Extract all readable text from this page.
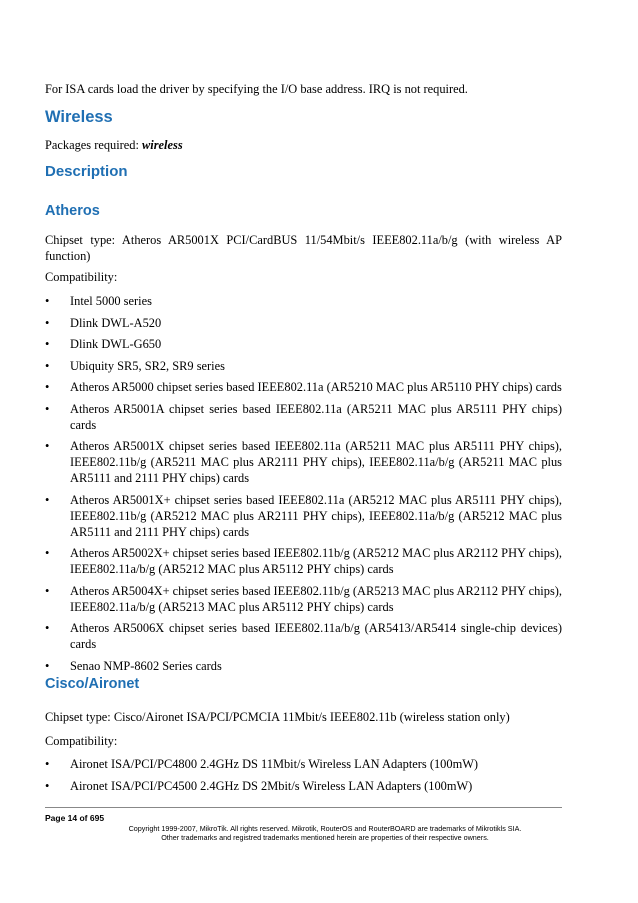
For ISA cards load the driver by specifying the I/O base address. IRQ is not required.

Wireless

Packages required: wireless

Description
Atheros

Chipset type: Atheros AR5001X PCI/CardBUS 11/54Mbit/s IEEE802.11a/b/g (with wireless AP function)

Compatibility:

• Intel 5000 series
• Dlink DWL-A520
• Dlink DWL-G650
• Ubiquity SR5, SR2, SR9 series
• Atheros AR5000 chipset series based IEEE802.11a (AR5210 MAC plus AR5110 PHY chips) cards
• Atheros AR5001A chipset series based IEEE802.11a (AR5211 MAC plus AR5111 PHY chips) cards
• Atheros AR5001X chipset series based IEEE802.11a (AR5211 MAC plus AR5111 PHY chips), IEEE802.11b/g (AR5211 MAC plus AR2111 PHY chips), IEEE802.11a/b/g (AR5211 MAC plus AR5111 and 2111 PHY chips) cards
• Atheros AR5001X+ chipset series based IEEE802.11a (AR5212 MAC plus AR5111 PHY chips), IEEE802.11b/g (AR5212 MAC plus AR2111 PHY chips), IEEE802.11a/b/g (AR5212 MAC plus AR5111 and 2111 PHY chips) cards
• Atheros AR5002X+ chipset series based IEEE802.11b/g (AR5212 MAC plus AR2112 PHY chips), IEEE802.11a/b/g (AR5212 MAC plus AR5112 PHY chips) cards
• Atheros AR5004X+ chipset series based IEEE802.11b/g (AR5213 MAC plus AR2112 PHY chips), IEEE802.11a/b/g (AR5213 MAC plus AR5112 PHY chips) cards
• Atheros AR5006X chipset series based IEEE802.11a/b/g (AR5413/AR5414 single-chip devices) cards
• Senao NMP-8602 Series cards
Cisco/Aironet

Chipset type: Cisco/Aironet ISA/PCI/PCMCIA 11Mbit/s IEEE802.11b (wireless station only)

Compatibility:

• Aironet ISA/PCI/PC4800 2.4GHz DS 11Mbit/s Wireless LAN Adapters (100mW)
• Aironet ISA/PCI/PC4500 2.4GHz DS 2Mbit/s Wireless LAN Adapters (100mW)
Page 14 of 695
Copyright 1999-2007, MikroTik. All rights reserved. Mikrotik, RouterOS and RouterBOARD are trademarks of Mikrotikls SIA.
Other trademarks and registred trademarks mentioned herein are properties of their respective owners.
